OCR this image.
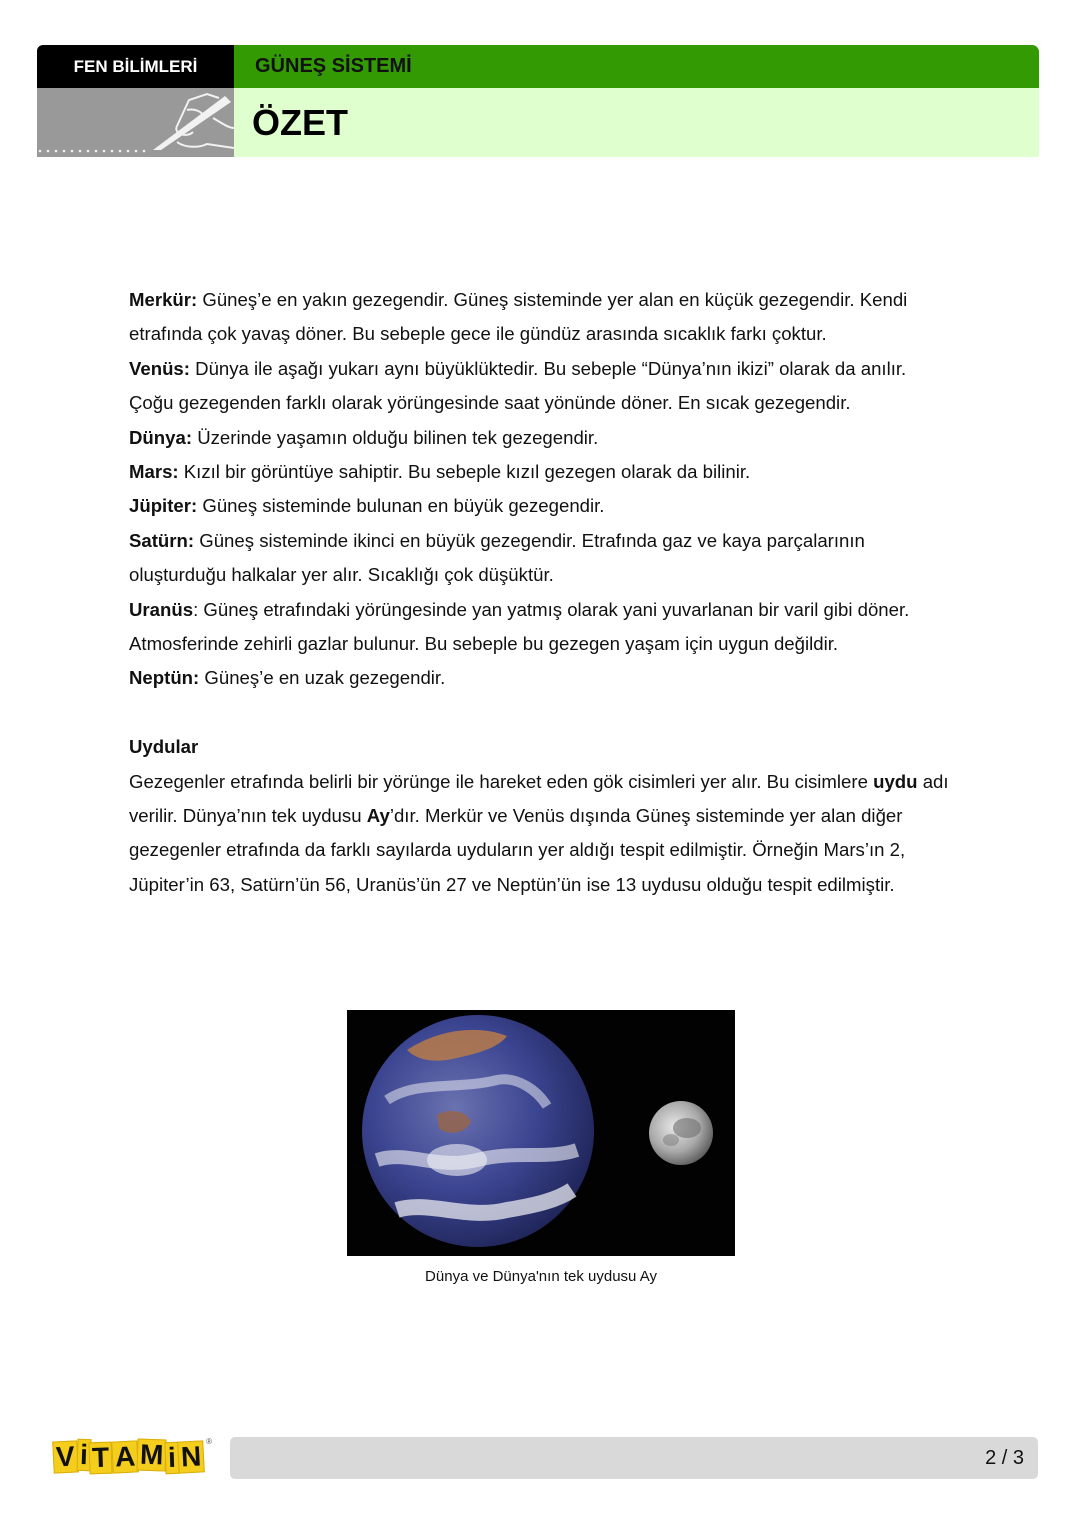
FEN BİLİMLERİ	GÜNEŞ SİSTEMİ
ÖZET

Merkür: Güneş’e en yakın gezegendir. Güneş sisteminde yer alan en küçük gezegendir. Kendi etrafında çok yavaş döner. Bu sebeple gece ile gündüz arasında sıcaklık farkı çoktur.

Venüs: Dünya ile aşağı yukarı aynı büyüklüktedir. Bu sebeple “Dünya’nın ikizi” olarak da anılır. Çoğu gezegenden farklı olarak yörüngesinde saat yönünde döner. En sıcak gezegendir.

Dünya: Üzerinde yaşamın olduğu bilinen tek gezegendir.

Mars: Kızıl bir görüntüye sahiptir. Bu sebeple kızıl gezegen olarak da bilinir.

Jüpiter: Güneş sisteminde bulunan en büyük gezegendir.

Satürn: Güneş sisteminde ikinci en büyük gezegendir. Etrafında gaz ve kaya parçalarının oluşturduğu halkalar yer alır. Sıcaklığı çok düşüktür.

Uranüs: Güneş etrafındaki yörüngesinde yan yatmış olarak yani yuvarlanan bir varil gibi döner. Atmosferinde zehirli gazlar bulunur. Bu sebeple bu gezegen yaşam için uygun değildir.

Neptün: Güneş’e en uzak gezegendir.

Uydular

Gezegenler etrafında belirli bir yörünge ile hareket eden gök cisimleri yer alır. Bu cisimlere uydu adı verilir. Dünya’nın tek uydusu Ay’dır. Merkür ve Venüs dışında Güneş sisteminde yer alan diğer gezegenler etrafında da farklı sayılarda uyduların yer aldığı tespit edilmiştir. Örneğin Mars’ın 2, Jüpiter’in 63, Satürn’ün 56, Uranüs’ün 27 ve Neptün’ün ise 13 uydusu olduğu tespit edilmiştir.

Dünya ve Dünya'nın tek uydusu Ay
V i T A M i N ®
2 / 3
